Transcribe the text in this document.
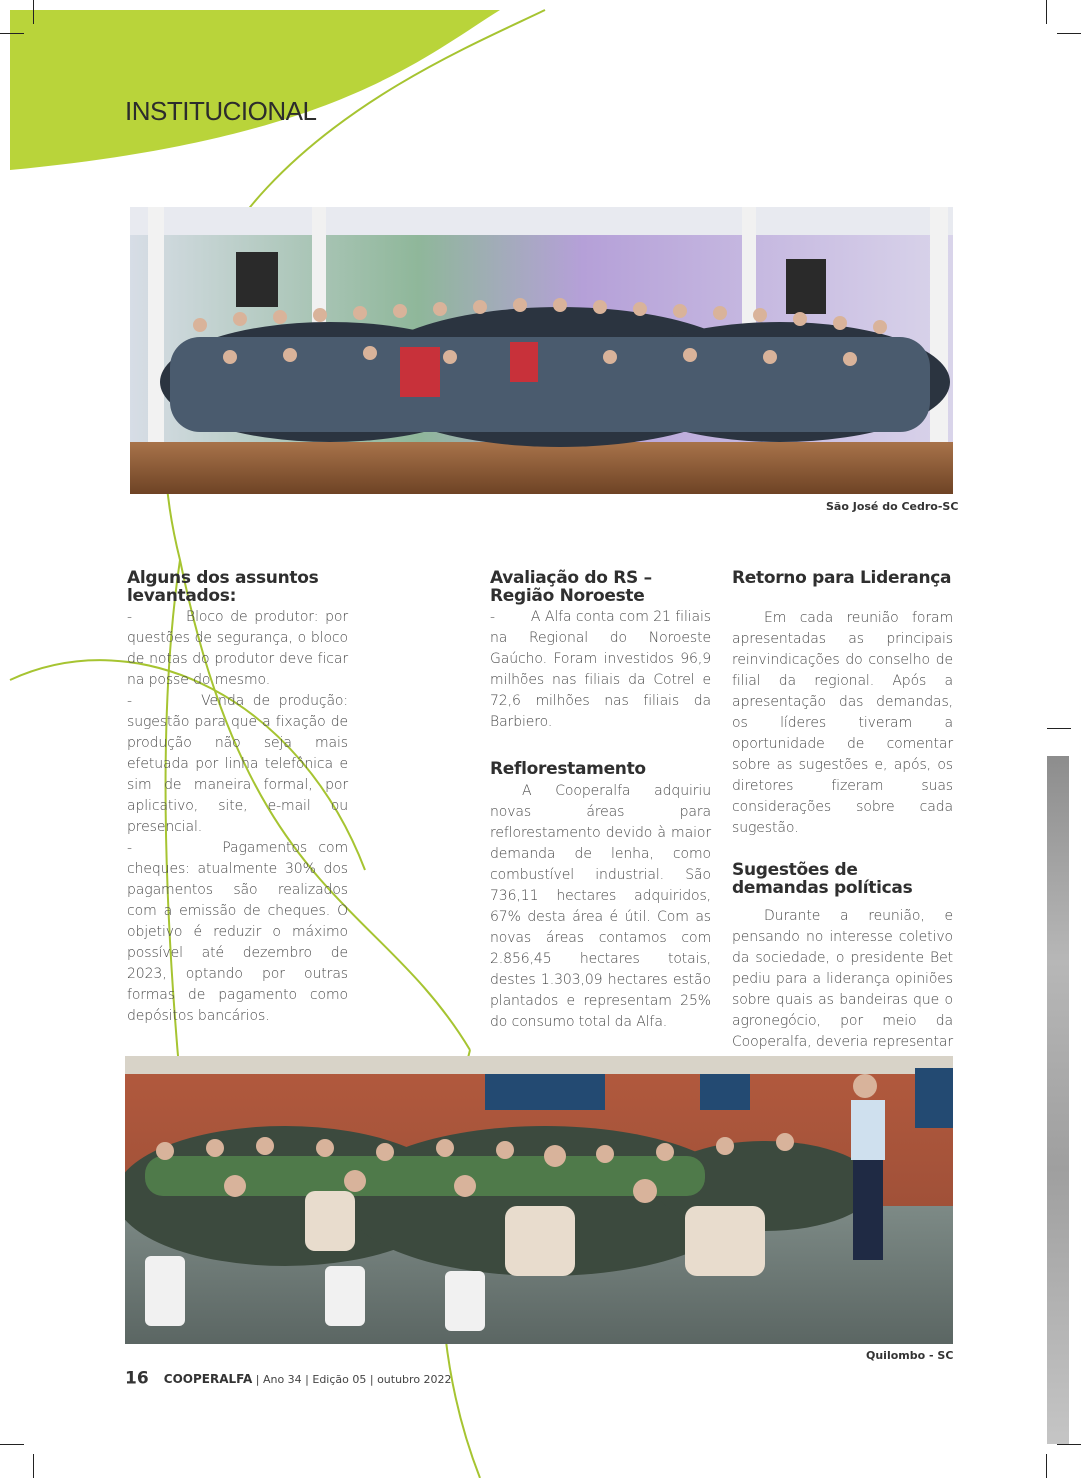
INSTITUCIONAL
São José do Cedro-SC
Alguns dos assuntos levantados:

-        Bloco de produtor: por questões de segurança, o bloco de notas do produtor deve ficar na posse do mesmo.

-        Venda de produção: sugestão para que a fixação de produção não seja mais efetuada por linha telefônica e sim de maneira formal, por aplicativo, site, e-mail ou presencial.

-        Pagamentos com cheques: atualmente 30% dos pagamentos são realizados com a emissão de cheques. O objetivo é reduzir o máximo possível até dezembro de 2023, optando por outras formas de pagamento como depósitos bancários.

Avaliação do RS – Região Noroeste

-        A Alfa conta com 21 filiais na Regional do Noroeste Gaúcho. Foram investidos 96,9 milhões nas filiais da Cotrel e 72,6 milhões nas filiais da Barbiero.

Reflorestamento

A Cooperalfa adquiriu novas áreas para reflorestamento devido à maior demanda de lenha, como combustível industrial. São 736,11 hectares adquiridos, 67% desta área é útil. Com as novas áreas contamos com 2.856,45 hectares totais, destes 1.303,09 hectares estão plantados e representam 25% do consumo total da Alfa.

Retorno para Liderança

Em cada reunião foram apresentadas as principais reinvindicações do conselho de filial da regional. Após a apresentação das demandas, os líderes tiveram a oportunidade de comentar sobre as sugestões e, após, os diretores fizeram suas considerações sobre cada sugestão.

Sugestões de demandas políticas

Durante a reunião, e pensando no interesse coletivo da sociedade, o presidente Bet pediu para a liderança opiniões sobre quais as bandeiras que o agronegócio, por meio da Cooperalfa, deveria representar

Quilombo - SC
16 COOPERALFA | Ano 34 | Edição 05 | outubro 2022
